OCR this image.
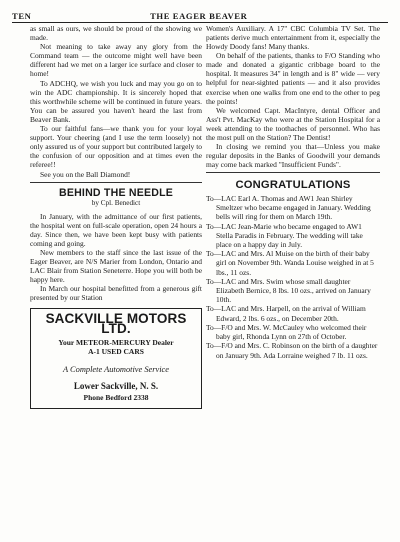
TEN	THE EAGER BEAVER

as small as ours, we should be proud of the showing we made.

Not meaning to take away any glory from the Command team — the outcome might well have been different had we met on a larger ice surface and closer to home!

To ADCHQ, we wish you luck and may you go on to win the ADC championship. It is sincerely hoped that this worthwhile scheme will be continued in future years. You can be assured you haven't heard the last from Beaver Bank.

To our faithful fans—we thank you for your loyal support. Your cheering (and I use the term loosely) not only assured us of your support but contributed largely to the confusion of our opposition and at times even the referee!!

See you on the Ball Diamond!

BEHIND THE NEEDLE
by Cpl. Benedict

In January, with the admittance of our first patients, the hospital went on full-scale operation, open 24 hours a day. Since then, we have been kept busy with patients coming and going.

New members to the staff since the last issue of the Eager Beaver, are N/S Marier from London, Ontario and LAC Blair from Station Seneterre. Hope you will both be happy here.

In March our hospital benefitted from a generous gift presented by our Station

SACKVILLE MOTORS LTD.
Your METEOR-MERCURY Dealer
A-1 USED CARS
A Complete Automotive Service
Lower Sackville, N. S.
Phone Bedford 2338

Women's Auxiliary. A 17" CBC Columbia TV Set. The patients derive much entertainment from it, especially the Howdy Doody fans! Many thanks.

On behalf of the patients, thanks to F/O Standing who made and donated a gigantic cribbage board to the hospital. It measures 34" in length and is 8" wide — very helpful for near-sighted patients — and it also provides exercise when one walks from one end to the other to peg the points!

We welcomed Capt. MacIntyre, dental Officer and Ass't Pvt. MacKay who were at the Station Hospital for a week attending to the toothaches of personnel. Who has the most pull on the Station? The Dentist!

In closing we remind you that—Unless you make regular deposits in the Banks of Goodwill your demands may come back marked "Insufficient Funds".

CONGRATULATIONS

To—LAC Earl A. Thomas and AW1 Jean Shirley Smeltzer who became engaged in January. Wedding bells will ring for them on March 19th.

To—LAC Jean-Marie who became engaged to AW1 Stella Paradis in February. The wedding will take place on a happy day in July.

To—LAC and Mrs. Al Muise on the birth of their baby girl on November 9th. Wanda Louise weighed in at 5 lbs., 11 ozs.

To—LAC and Mrs. Swim whose small daughter Elizabeth Bernice, 8 lbs. 10 ozs., arrived on January 10th.

To—LAC and Mrs. Harpell, on the arrival of William Edward, 2 lbs. 6 ozs., on December 20th.

To—F/O and Mrs. W. McCauley who welcomed their baby girl, Rhonda Lynn on 27th of October.

To—F/O and Mrs. C. Robinson on the birth of a daughter on January 9th. Ada Lorraine weighed 7 lb. 11 ozs.
